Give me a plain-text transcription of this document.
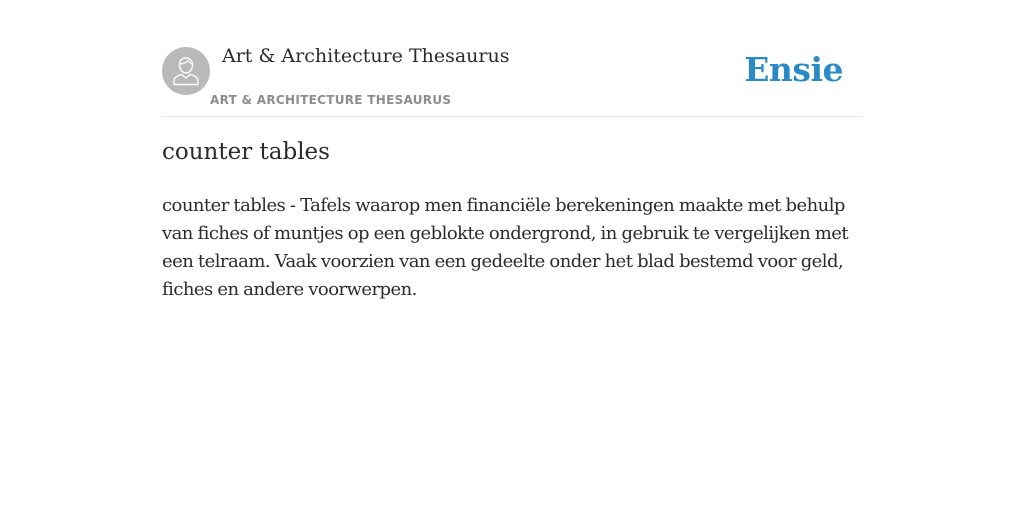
Art & Architecture Thesaurus
ART & ARCHITECTURE THESAURUS
Ensie
counter tables

counter tables - Tafels waarop men financiële berekeningen maakte met behulp van fiches of muntjes op een geblokte ondergrond, in gebruik te vergelijken met een telraam. Vaak voorzien van een gedeelte onder het blad bestemd voor geld, fiches en andere voorwerpen.
